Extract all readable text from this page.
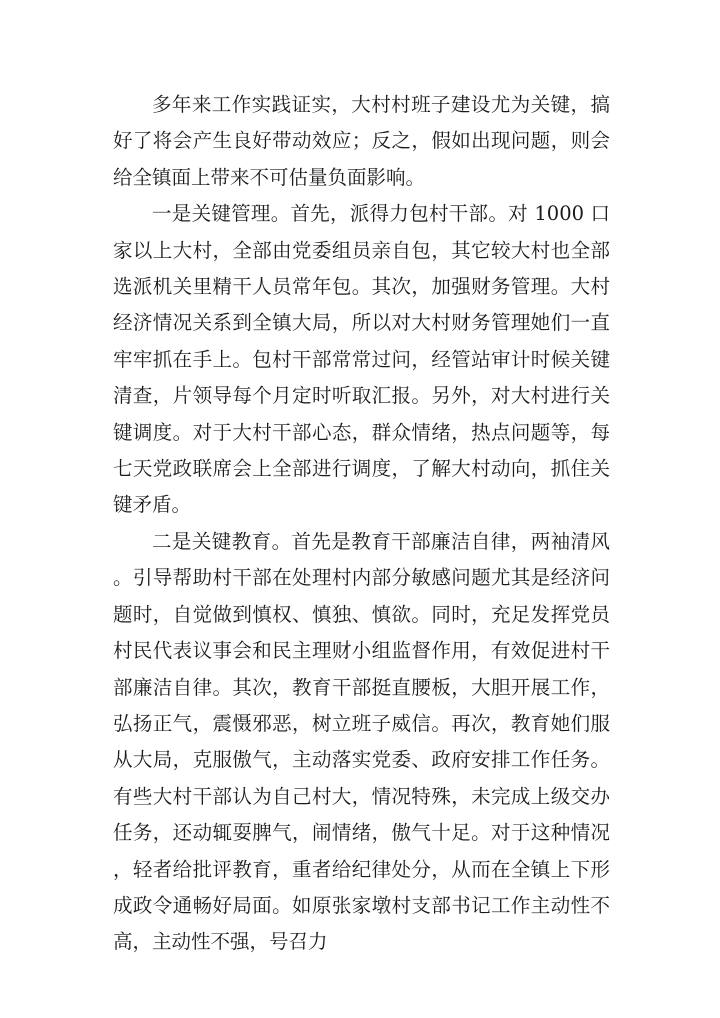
多年来工作实践证实，大村村班子建设尤为关键，搞好了将会产生良好带动效应；反之，假如出现问题，则会给全镇面上带来不可估量负面影响。

一是关键管理。首先，派得力包村干部。对 1000 口家以上大村，全部由党委组员亲自包，其它较大村也全部选派机关里精干人员常年包。其次，加强财务管理。大村经济情况关系到全镇大局，所以对大村财务管理她们一直牢牢抓在手上。包村干部常常过问，经管站审计时候关键清查，片领导每个月定时听取汇报。另外，对大村进行关键调度。对于大村干部心态，群众情绪，热点问题等，每七天党政联席会上全部进行调度，了解大村动向，抓住关键矛盾。

二是关键教育。首先是教育干部廉洁自律，两袖清风。引导帮助村干部在处理村内部分敏感问题尤其是经济问题时，自觉做到慎权、慎独、慎欲。同时，充足发挥党员村民代表议事会和民主理财小组监督作用，有效促进村干部廉洁自律。其次，教育干部挺直腰板，大胆开展工作，弘扬正气，震慑邪恶，树立班子威信。再次，教育她们服从大局，克服傲气，主动落实党委、政府安排工作任务。有些大村干部认为自己村大，情况特殊，未完成上级交办任务，还动辄耍脾气，闹情绪，傲气十足。对于这种情况，轻者给批评教育，重者给纪律处分，从而在全镇上下形成政令通畅好局面。如原张家墩村支部书记工作主动性不高，主动性不强，号召力
